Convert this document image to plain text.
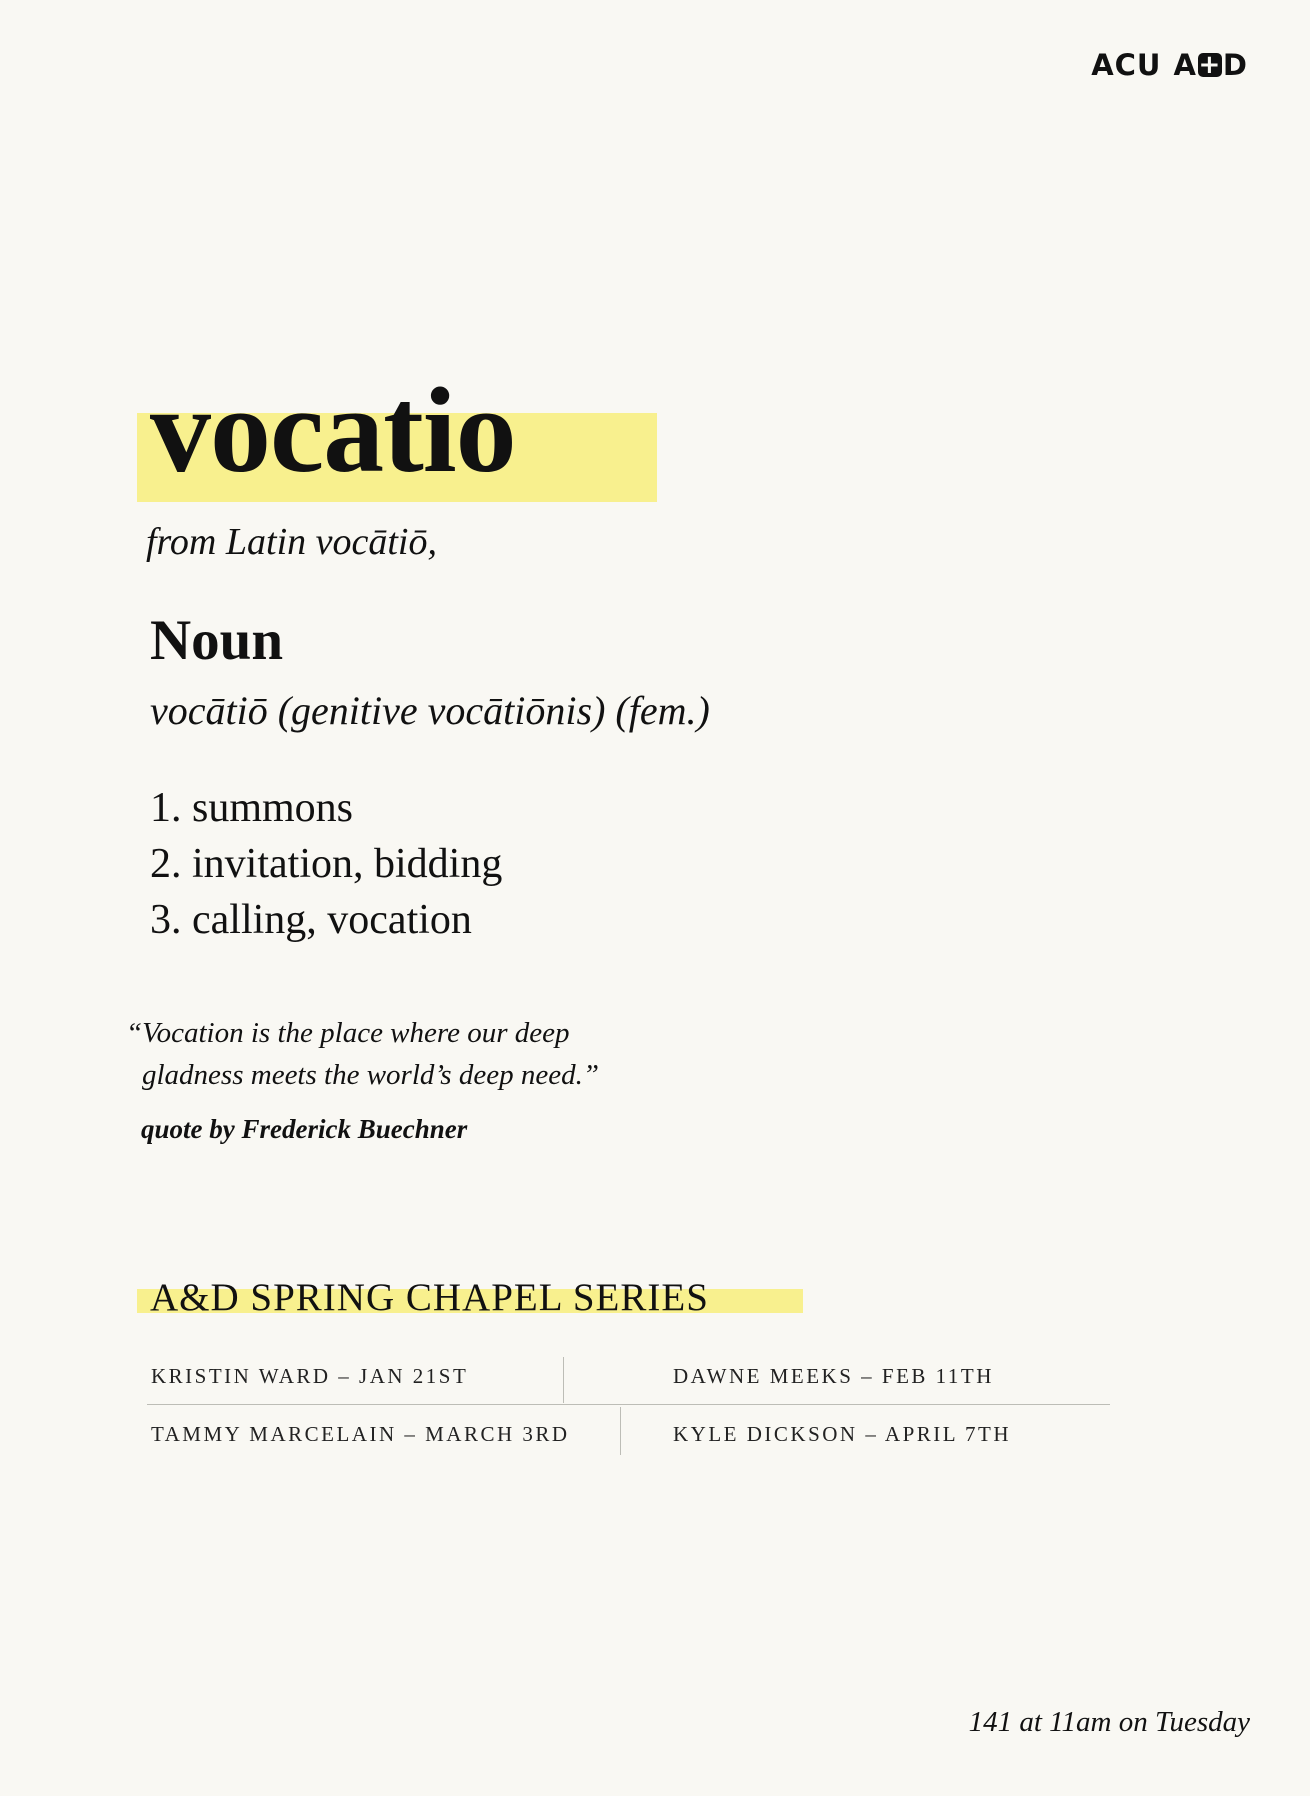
ACU A + D
vocatio
from Latin vocātiō,
Noun
vocātiō (genitive vocātiōnis) (fem.)
1. summons
2. invitation, bidding
3. calling, vocation
“Vocation is the place where our deep
gladness meets the world’s deep need.”
quote by Frederick Buechner
A&D SPRING CHAPEL SERIES
KRISTIN WARD – JAN 21ST	DAWNE MEEKS – FEB 11TH
TAMMY MARCELAIN – MARCH 3RD	KYLE DICKSON – APRIL 7TH
141 at 11am on Tuesday
